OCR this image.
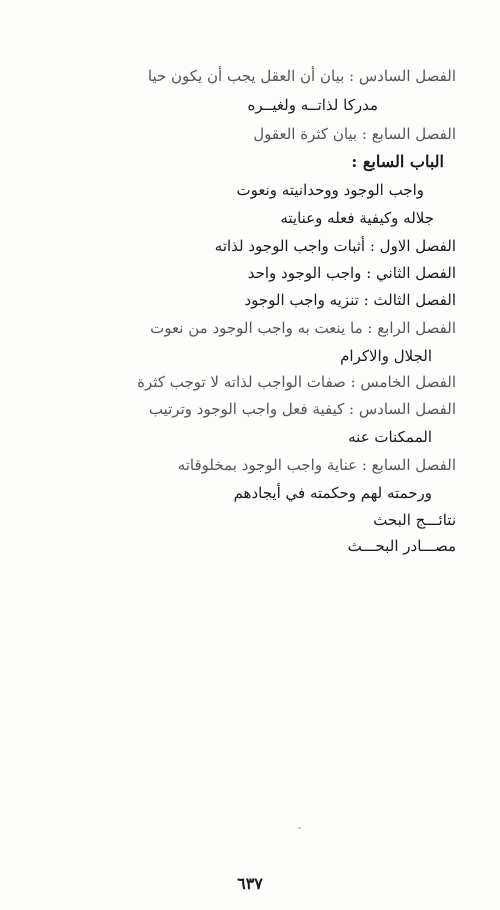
الفصل السادس : بيان أن العقل يجب أن يكون حيا
مدركا لذاتــه ولغيــره
الفصل السابع : بيان كثرة العقول
الباب السابع :
واجب الوجود ووحدانيته ونعوت
جلاله وكيفية فعله وعنايته
الفصل الاول : أثبات واجب الوجود لذاته
الفصل الثاني : واجب الوجود واحد
الفصل الثالث : تنزيه واجب الوجود
الفصل الرابع : ما ينعت به واجب الوجود من نعوت
الجلال والاكرام
الفصل الخامس : صفات الواجب لذاته لا توجب كثرة
الفصل السادس : كيفية فعل واجب الوجود وترتيب
الممكنات عنه
الفصل السابع : عناية واجب الوجود بمخلوقاته
ورحمته لهم وحكمته في أيجادهم
نتائـــج البحث
مصـــادر البحـــث
٦٣٧
